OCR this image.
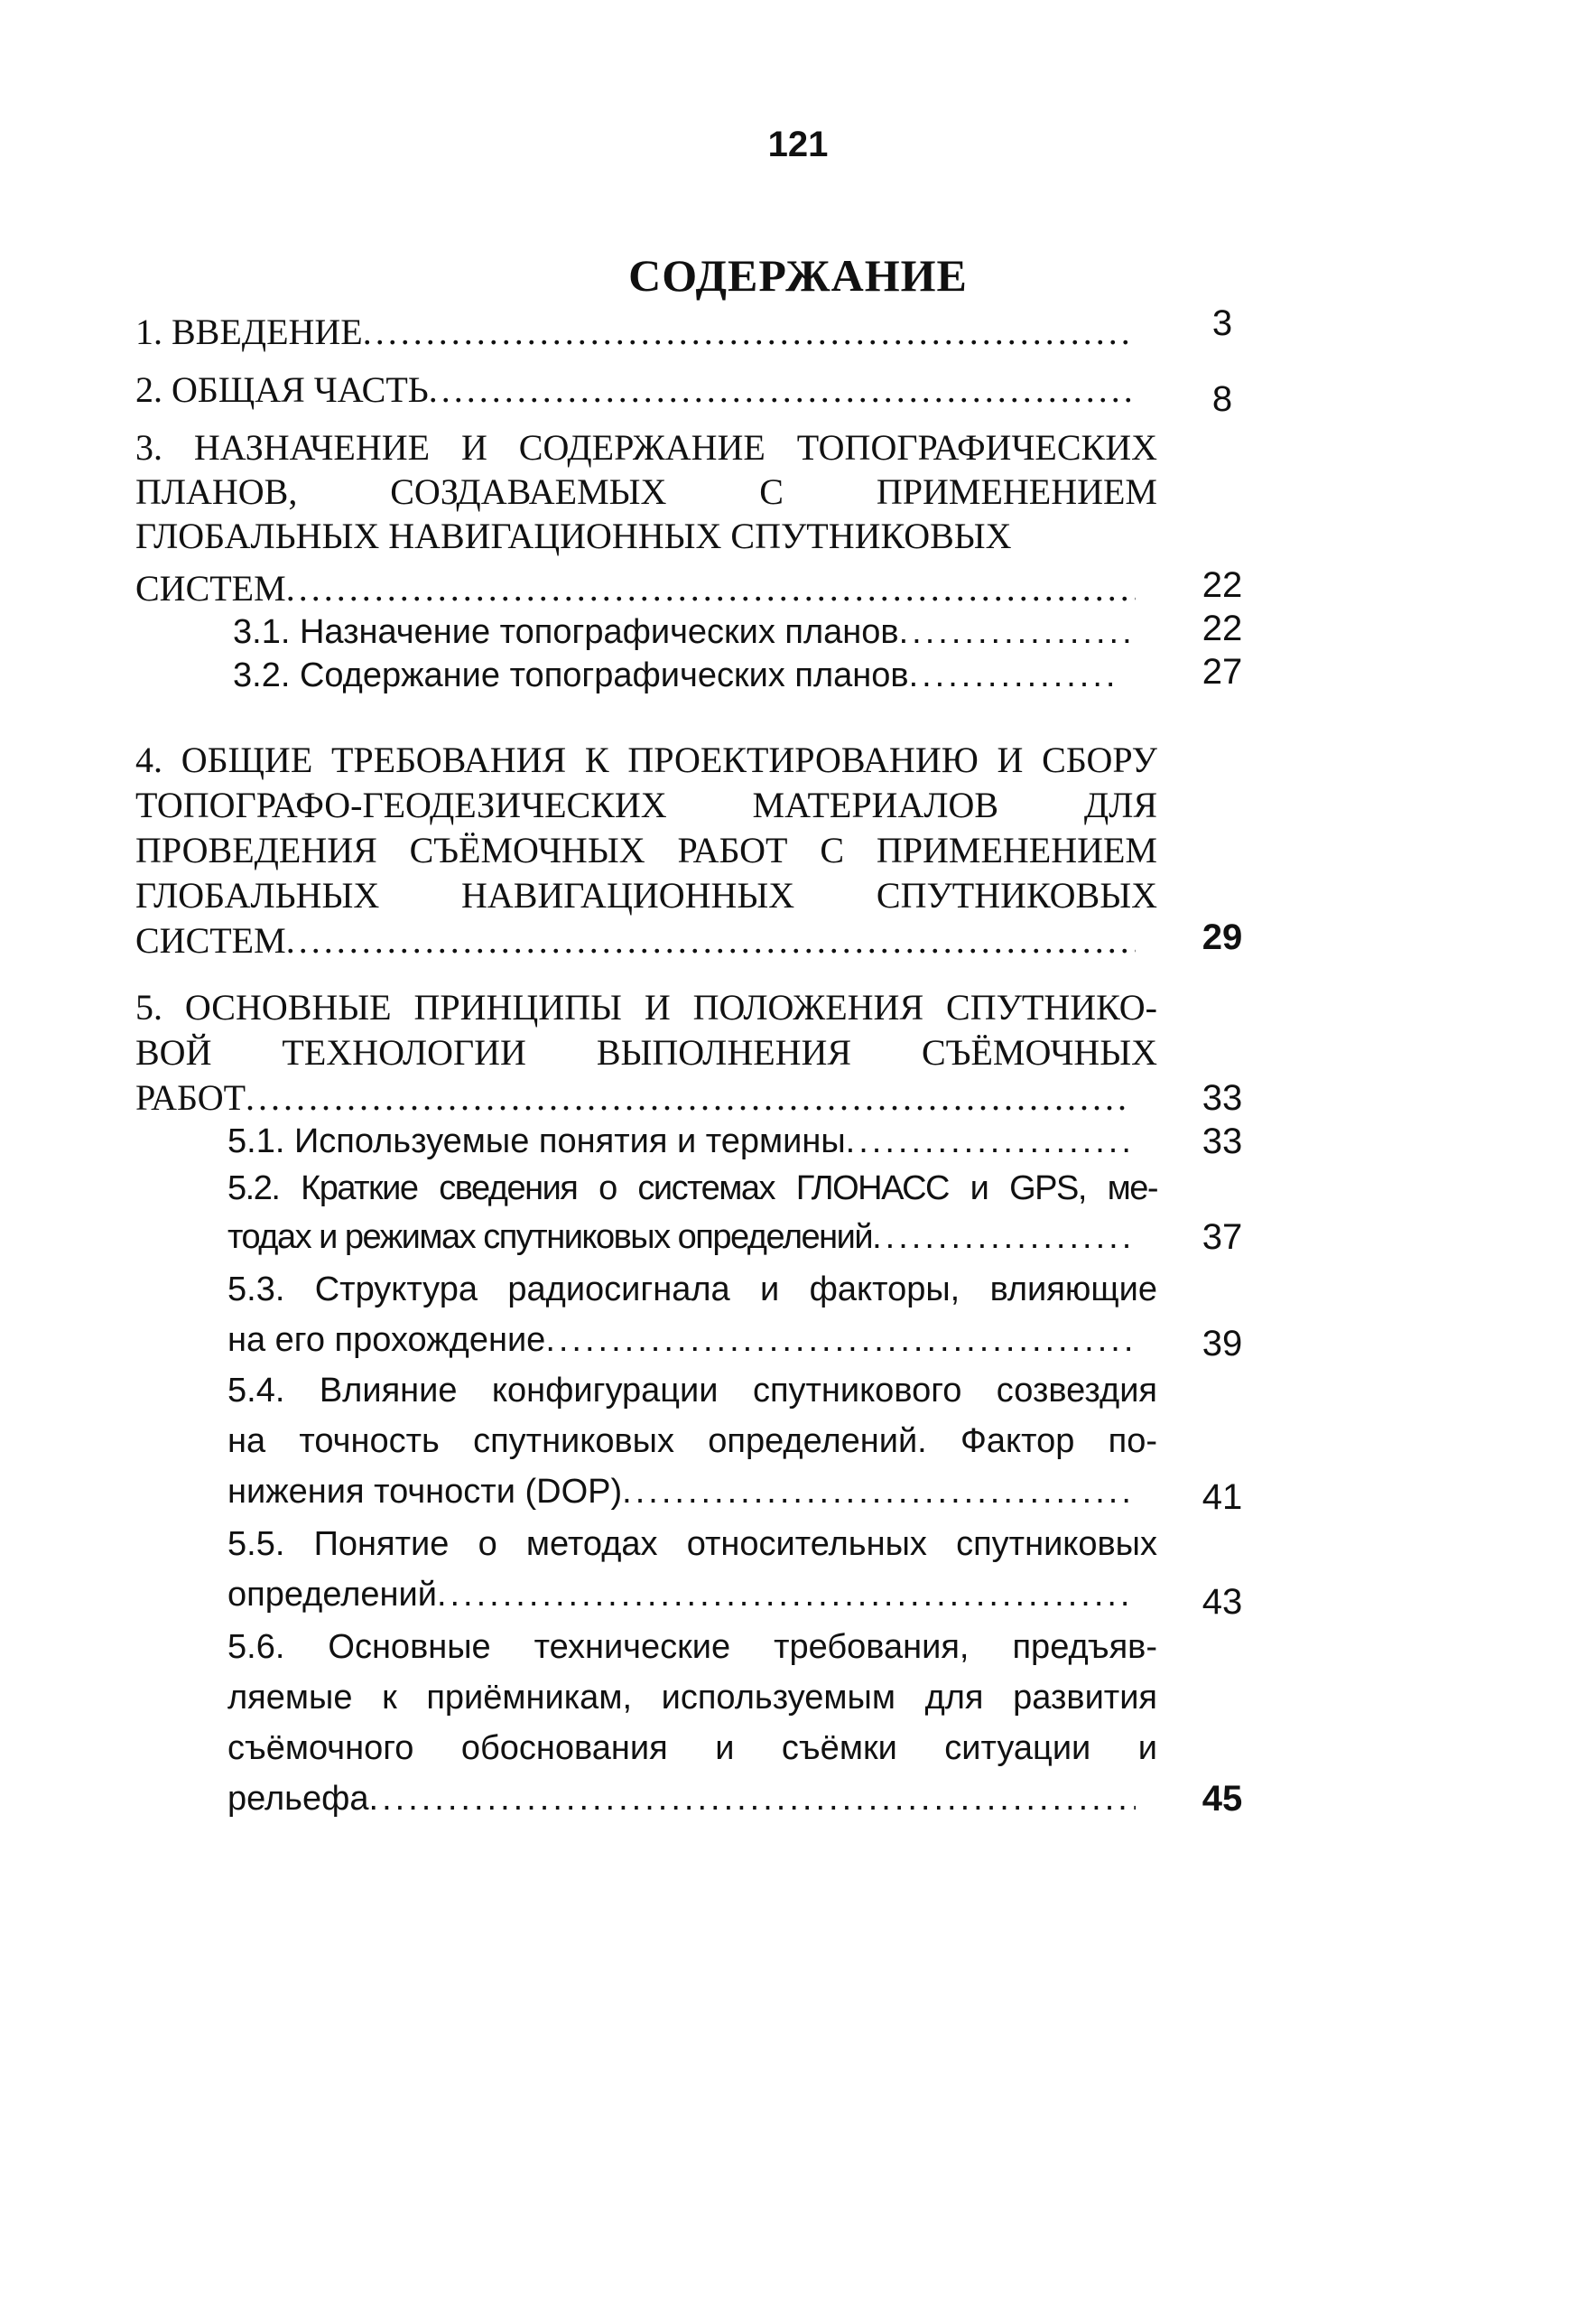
121
СОДЕРЖАНИЕ
1. ВВЕДЕНИЕ .....	3
2. ОБЩАЯ ЧАСТЬ .....	8
3. НАЗНАЧЕНИЕ И СОДЕРЖАНИЕ ТОПОГРАФИЧЕСКИХ
ПЛАНОВ, СОЗДАВАЕМЫХ С ПРИМЕНЕНИЕМ
ГЛОБАЛЬНЫХ НАВИГАЦИОННЫХ СПУТНИКОВЫХ
СИСТЕМ .....	22
3.1. Назначение топографических планов .....	22
3.2. Содержание топографических планов .....	27
4. ОБЩИЕ ТРЕБОВАНИЯ К ПРОЕКТИРОВАНИЮ И СБОРУ
ТОПОГРАФО-ГЕОДЕЗИЧЕСКИХ МАТЕРИАЛОВ ДЛЯ
ПРОВЕДЕНИЯ СЪЁМОЧНЫХ РАБОТ С ПРИМЕНЕНИЕМ
ГЛОБАЛЬНЫХ НАВИГАЦИОННЫХ СПУТНИКОВЫХ
СИСТЕМ .....	29
5. ОСНОВНЫЕ ПРИНЦИПЫ И ПОЛОЖЕНИЯ СПУТНИКО-
ВОЙ ТЕХНОЛОГИИ ВЫПОЛНЕНИЯ СЪЁМОЧНЫХ
РАБОТ .....	33
5.1. Используемые понятия и термины .....	33
5.2. Краткие сведения о системах ГЛОНАСС и GPS, ме-
тодах и режимах спутниковых определений .....	37
5.3. Структура радиосигнала и факторы, влияющие
на его прохождение .....	39
5.4. Влияние конфигурации спутникового созвездия
на точность спутниковых определений. Фактор по-
нижения точности (DOP) .....	41
5.5. Понятие о методах относительных спутниковых
определений .....	43
5.6. Основные технические требования, предъяв-
ляемые к приёмникам, используемым для развития
съёмочного обоснования и съёмки ситуации и
рельефа .....	45
